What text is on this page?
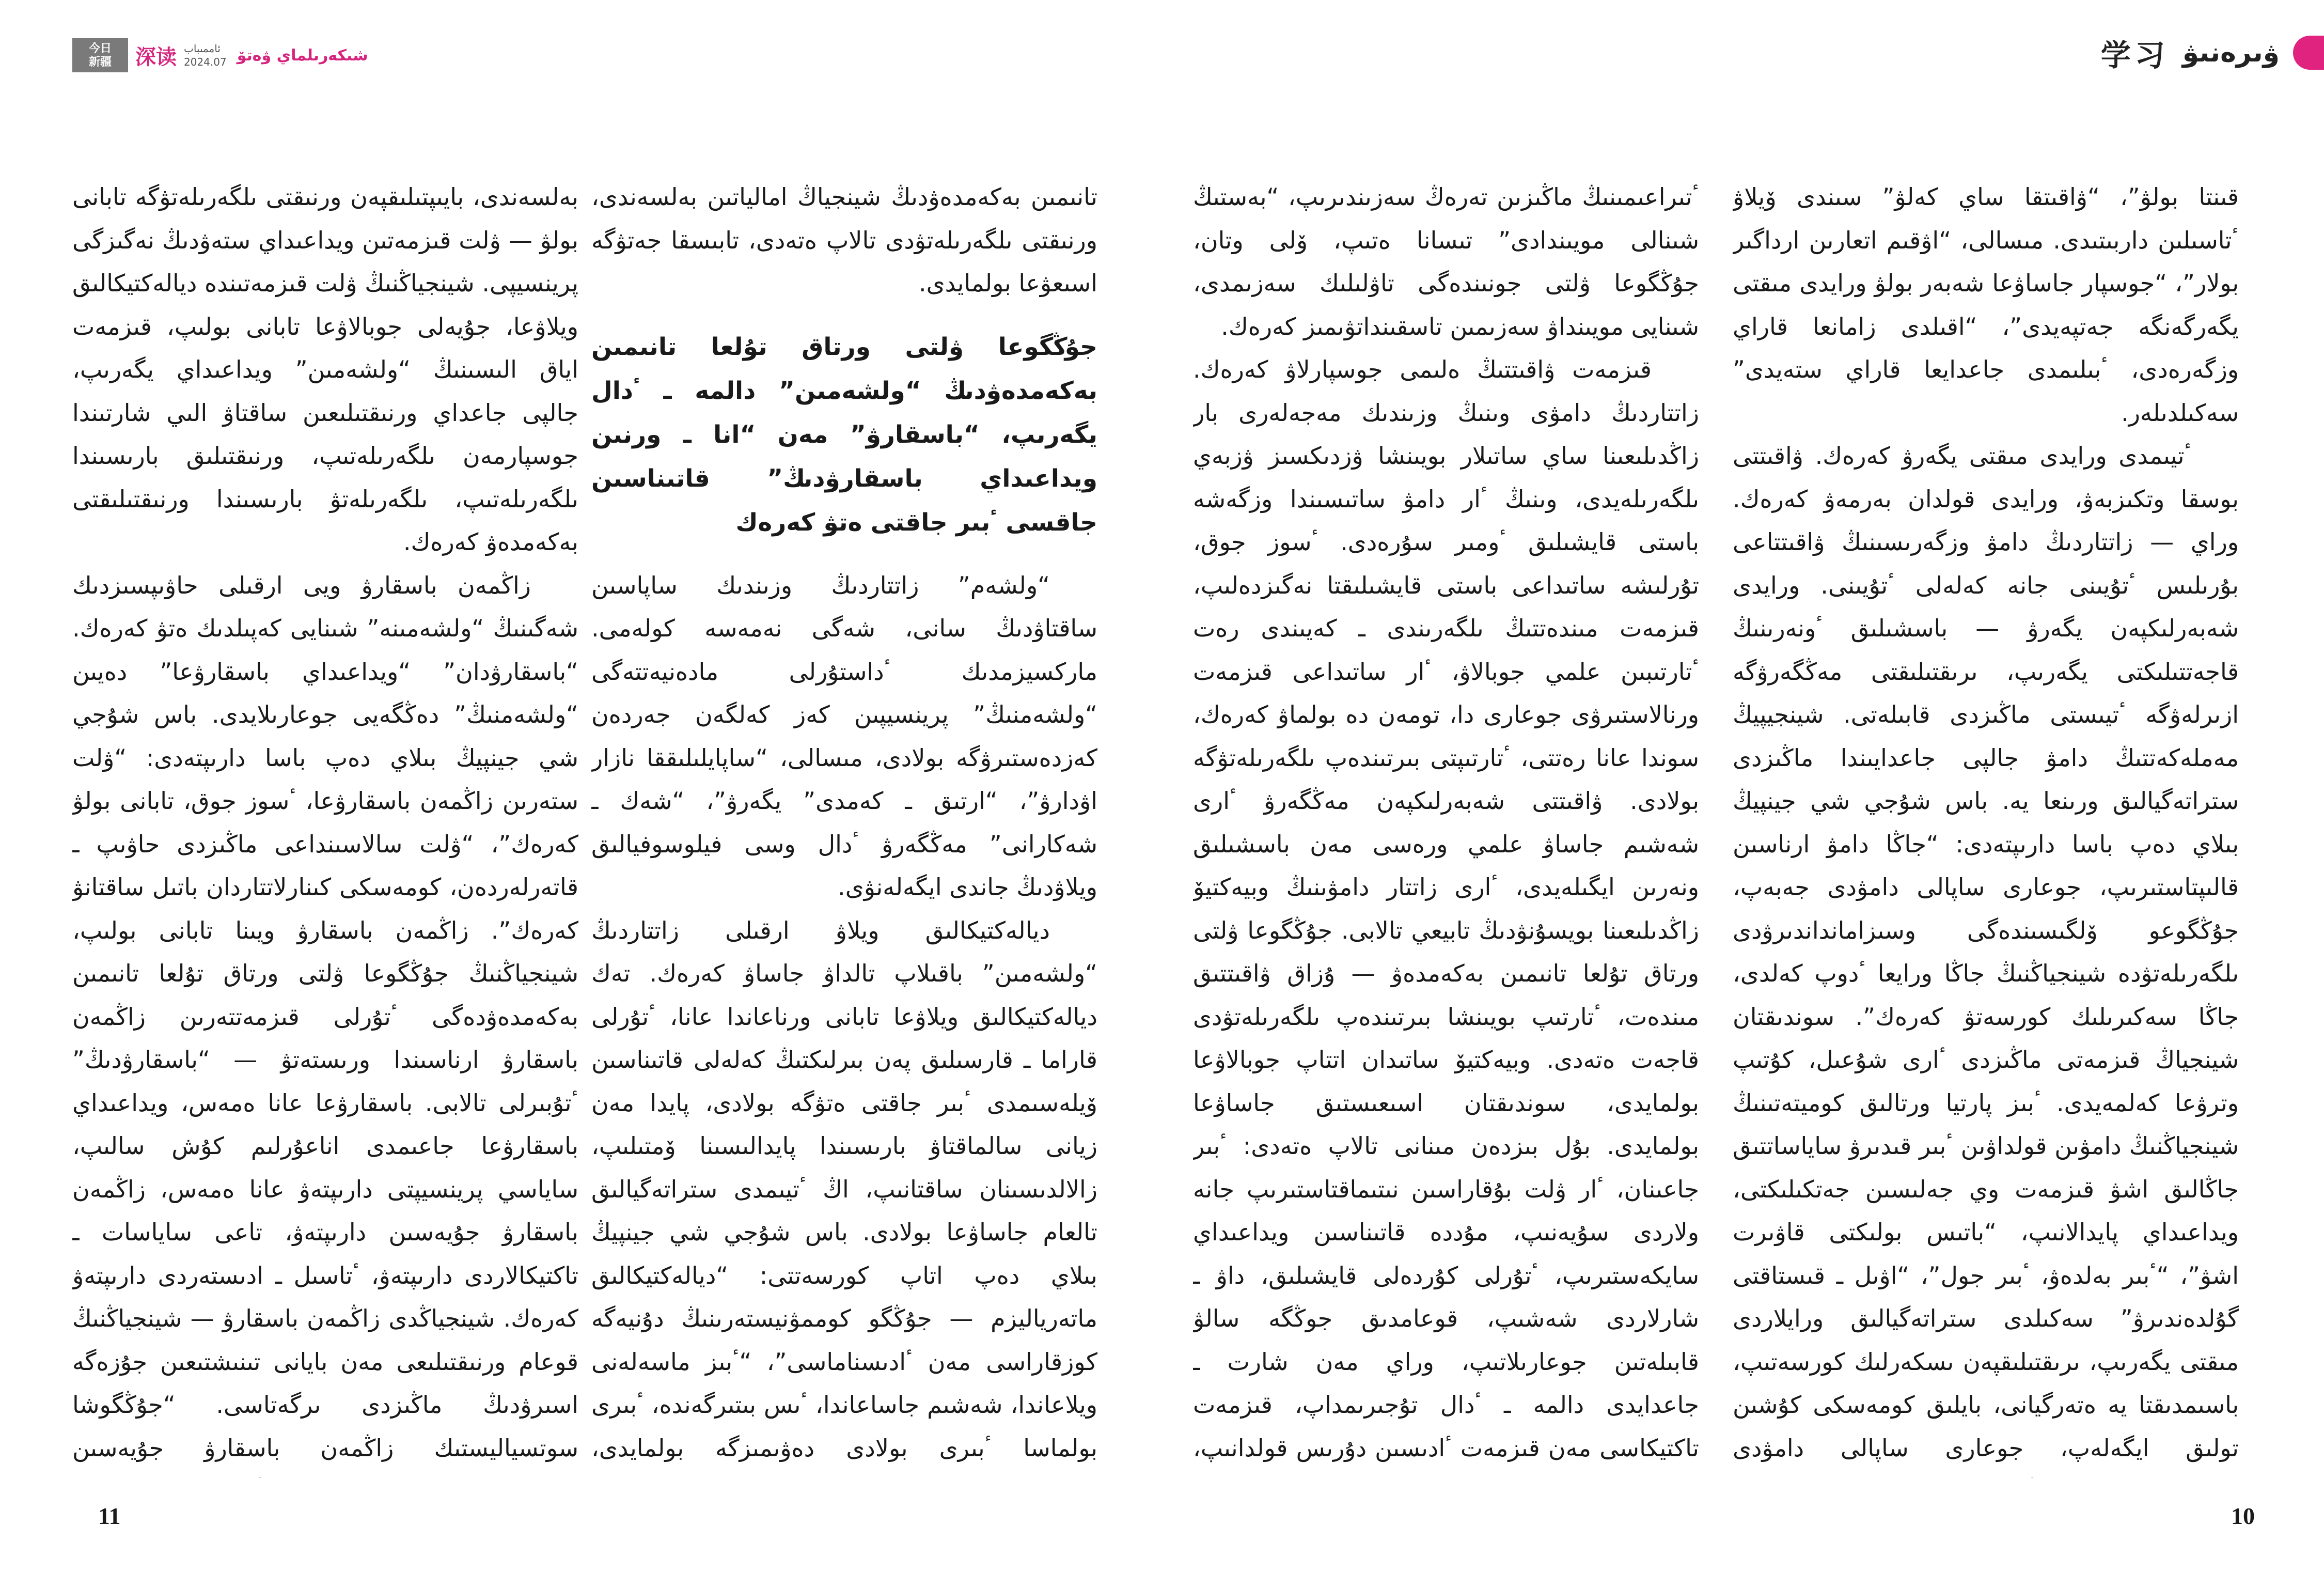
今日
新疆 深读 ئاممىباب
2024.07 شىكەرىلماي ۋەتۆ	学习 ۋىرەنىۋ

قىنتا بولۋ”، “ۋاقىتقا ساي كەلۋ” سىندى ۆيلاۋ ٴتاسىلىن داربىتىدى. مىسالى، “اۋقىم اتعارىن ارداگىر بولار”، “جوسپار جاساۋعا شەبەر بولۋ ورايدى مىقتى يگەرگەنگە جەتپەيدى”، “اقىلدى زامانعا قاراي وزگەرەدى، ٴبىلىمدى جاعدايعا قاراي ستەيدى” سەكىلدىلەر.

ٴتيىمدى ورايدى مىقتى يگەرۋ كەرەك. ۋاقىتتى بوسقا وتكىزبەۋ، ورايدى قولدان بەرمەۋ كەرەك. وراي — زاتتاردىڭ دامۋ وزگەرىسىنىڭ ۋاقىتتاعى بۇرىلىس ٴتۇيىنى جانە كەلەلى ٴتۇيىنى. ورايدى شەبەرلىكپەن يگەرۋ — باسشىلىق ٴونەرىنىڭ قاجەتتىلىكتى يگەرىپ، ىرىقتىلىقتى مەڭگەرۋگە ازىرلەۋگە ٴتيىستى ماڭىزدى قابىلەتى. شينجيپيڭ مەملەكەتتىڭ دامۋ جالپى جاعدايىندا ماڭىزدى ستراتەگيالىق ورىنعا يە. باس شۇجي شي جينپيڭ بىلاي دەپ باسا دارىپتەدى: “جاڭا دامۋ ارناسىن قالىپتاستىرىپ، جوعارى ساپالى دامۋدى جەبەپ، جۇڭگوعو ۆلگىسىندەگى وسىزامانداندىرۋدى ىلگەرىلەتۋدە شينجياڭنىڭ جاڭا ورايعا ٴدوپ كەلدى، جاڭا سەكىرىلىك كورسەتۋ كەرەك”. سوندىقتان شينجياڭ قىزمەتى ماڭىزدى ٴارى شۇعىل، كۇتىپ وترۋعا كەلمەيدى. ٴبىز پارتيا ورتالىق كوميتەتىنىڭ شينجياڭنىڭ دامۋىن قولداۋىن ٴبىر قىدىرۋ ساياساتتىق جاڭالىق اشۋ قىزمەت وي جەلىسىن جەتكىلىكتى، ويداعىداي پايدالانىپ، “باتىس بولىكتى قاۋىرت اشۋ”، “ٴبىر بەلدەۋ، ٴبىر جول”، “اۋىل ـ قىستاقتى گۇلدەندىرۋ” سەكىلدى ستراتەگيالىق ورايلاردى مىقتى يگەرىپ، ىرىقتىلىقپەن ىسكەرلىك كورسەتىپ، باسىمدىقتا يە ەتەرگيانى، بايلىق كومەسكى كۇشىن تولىق ايگەلەپ، جوعارى ساپالى دامۋدى

ٴتىراعىمىنىڭ ماڭىزىن تەرەڭ سەزىندىرىپ، “بەستىڭ شىنالى مويىندادى” تىسانا ەتىپ، ۆلى وتان، جۇڭگوعا ۋلتى جونىندەگى تاۋلىلىك سەزىمدى، شىنايى مويىنداۋ سەزىمىن تاسقىنداتۋىمىز كەرەك.

قىزمەت ۋاقىتتىڭ ەلىمى جوسپارلاۋ كەرەك. زاتتاردىڭ دامۋى وىنىڭ وزىندىك مەجەلەرى بار زاڭدىلىعىنا ساي ساتىلار بويىنشا ۋزدىكسىز ۋزبەي ىلگەرىلەيدى، وىنىڭ ٴار دامۋ ساتىسىندا وزگەشە باستى قايشىلىق ٴومىر سۇرەدى. ٴسوز جوق، تۇرلىشە ساتىداعى باستى قايشىلىقتا نەگىزدەلىپ، قىزمەت مىندەتتىڭ ىلگەرىندى ـ كەيىندى رەت ٴتارتىبىن علمي جوبالاۋ، ٴار ساتىداعى قىزمەت ورنالاستىرۋى جوعارى دا، تومەن دە بولماۋ كەرەك، سوندا عانا رەتتى، ٴتارتىپتى بىرتىندەپ ىلگەرىلەتۋگە بولادى. ۋاقىتتى شەبەرلىكپەن مەڭگەرۋ ٴارى شەشىم جاساۋ علمي ورەسى مەن باسشىلىق ونەرىن ايگىلەيدى، ٴارى زاتتار دامۋىنىڭ وبيەكتيۆ زاڭدىلىعىنا بويسۇنۋدىڭ تابيعي تالابى. جۇڭگوعا ۋلتى ورتاق تۇلعا تانىمىن بەكەمدەۋ — ۇزاق ۋاقىتتىق مىندەت، ٴتارتىپ بويىنشا بىرتىندەپ ىلگەرىلەتۋدى قاجەت ەتەدى. وبيەكتيۆ ساتىدان اتتاپ جوبالاۋعا بولمايدى، سوندىقتان اسىعىستىق جاساۋعا بولمايدى. بۇل بىزدەن مىنانى تالاپ ەتەدى: ٴبىر جاعىنان، ٴار ۋلت بۇقاراسىن نىتىماقتاستىرىپ جانە ولاردى سۇيەنىپ، مۇددە قاتىناسىن ويداعىداي سايكەستىرىپ، ٴتۇرلى كۇردەلى قايشىلىق، داۋ ـ شارلاردى شەشىپ، قوعامدىق جوڭگە سالۋ قابىلەتىن جوعارىلاتىپ، وراي مەن شارت ـ جاعدايدى دالمە ـ ٴدال تۇجىرىمداپ، قىزمەت تاكتيكاسى مەن قىزمەت ٴادىسىن دۇرىس قولدانىپ،

تانىمىن بەكەمدەۋدىڭ شينجياڭ امالياتىن بەلسەندى، ورنىقتى ىلگەرىلەتۋدى تالاپ ەتەدى، تابىسقا جەتۋگە اسىعۋعا بولمايدى.

جۇڭگوعا ۋلتى ورتاق تۇلعا تانىمىن بەكەمدەۋدىڭ “ولشەمىن” دالمە ـ ٴدال يگەرىپ، “باسقارۋ” مەن “انا ـ ورنىن ويداعىداي باسقارۋدىڭ” قاتىناسىن جاقسى ٴبىر جاقتى ەتۋ كەرەك

“ولشەم” زاتتاردىڭ وزىندىك ساپاسىن ساقتاۋدىڭ سانى، شەگى نەمەسە كولەمى. ماركسيزمدىك ٴداستۇرلى مادەنيەتتەگى “ولشەمنىڭ” پرينسيپىن كەز كەلگەن جەردەن كەزدەستىرۋگە بولادى، مىسالى، “ساپايلىلىققا نازار اۋدارۋ”، “ارتىق ـ كەمدى” يگەرۋ”، “شەك ـ شەكارانى” مەڭگەرۋ ٴدال وسى فيلوسوفيالىق ويلاۋدىڭ جاندى ايگەلەنۋى.

ديالەكتيكالىق ويلاۋ ارقىلى زاتتاردىڭ “ولشەمىن” باقىلاپ تالداۋ جاساۋ كەرەك. تەك ديالەكتيكالىق ويلاۋعا تابانى ورناعاندا عانا، ٴتۇرلى قاراما ـ قارسىلىق پەن بىرلىكتىڭ كەلەلى قاتىناسىن ۆيلەسىمدى ٴبىر جاقتى ەتۋگە بولادى، پايدا مەن زيانى سالماقتاۋ بارىسىندا پايدالىسىنا ۆمتىلىپ، زالالدىسىنان ساقتانىپ، اڭ ٴتيىمدى ستراتەگيالىق تالعام جاساۋعا بولادى. باس شۇجي شي جينپيڭ بىلاي دەپ اتاپ كورسەتتى: “ديالەكتيكالىق ماتەرياليزم — جۇڭگو كوممۋنيستەرىنىڭ دۇنيەگە كوزقاراسى مەن ٴادىسناماسى”، “ٴبىز ماسەلەنى ويلاعاندا، شەشىم جاساعاندا، ٴىس بىتىرگەندە، ٴبىرى بولماسا ٴبىرى بولادى دەۋىمىزگە بولمايدى،

بەلسەندى، بايىپتىلىقپەن ورنىقتى ىلگەرىلەتۋگە تابانى بولۋ — ۋلت قىزمەتىن ويداعىداي ستەۋدىڭ نەگىزگى پرينسيپى. شينجياڭنىڭ ۋلت قىزمەتىندە ديالەكتيكالىق ويلاۋعا، جۇيەلى جوبالاۋعا تابانى بولىپ، قىزمەت اياق الىسىنىڭ “ولشەمىن” ويداعىداي يگەرىپ، جالپى جاعداي ورنىقتىلىعىن ساقتاۋ الىي شارتىندا جوسپارمەن ىلگەرىلەتىپ، ورنىقتىلىق بارىسىندا ىلگەرىلەتىپ، ىلگەرىلەتۋ بارىسىندا ورنىقتىلىقتى بەكەمدەۋ كەرەك.

زاڭمەن باسقارۋ ويى ارقىلى حاۋىپسىزدىك شەگىنىڭ “ولشەمىنە” شىنايى كەپىلدىك ەتۋ كەرەك. “باسقارۋدان” “ويداعىداي باسقارۋعا” دەيىن “ولشەمنىڭ” دەڭگەيى جوعارىلايدى. باس شۇجي شي جينپيڭ بىلاي دەپ باسا دارىپتەدى: “ۋلت ستەرىن زاڭمەن باسقارۋعا، ٴسوز جوق، تابانى بولۋ كەرەك”، “ۋلت سالاسىنداعى ماڭىزدى حاۋىپ ـ قاتەرلەردەن، كومەسكى كىنارلاتتاردان باتىل ساقتانۋ كەرەك”. زاڭمەن باسقارۋ ويىنا تابانى بولىپ، شينجياڭنىڭ جۇڭگوعا ۋلتى ورتاق تۇلعا تانىمىن بەكەمدەۋدەگى ٴتۇرلى قىزمەتتەرىن زاڭمەن باسقارۋ ارناسىندا ورىستەتۋ — “باسقارۋدىڭ” ٴتۇبىرلى تالابى. باسقارۋعا عانا ەمەس، ويداعىداي باسقارۋعا جاعىمدى اناعۇرلىم كۇش سالىپ، ساياسي پرينسيپتى دارىپتەۋ عانا ەمەس، زاڭمەن باسقارۋ جۇيەسىن دارىپتەۋ، تاعى ساياسات ـ تاكتيكالاردى دارىپتەۋ، ٴتاسىل ـ ادىستەردى دارىپتەۋ كەرەك. شينجياڭدى زاڭمەن باسقارۋ — شينجياڭنىڭ قوعام ورنىقتىلىعى مەن بايانى تىنىشتىعىن جۇزەگە اسىرۋدىڭ ماڭىزدى ىرگەتاسى. “جۇڭگوشا سوتسياليستىك زاڭمەن باسقارۋ جۇيەسىن

11	10
